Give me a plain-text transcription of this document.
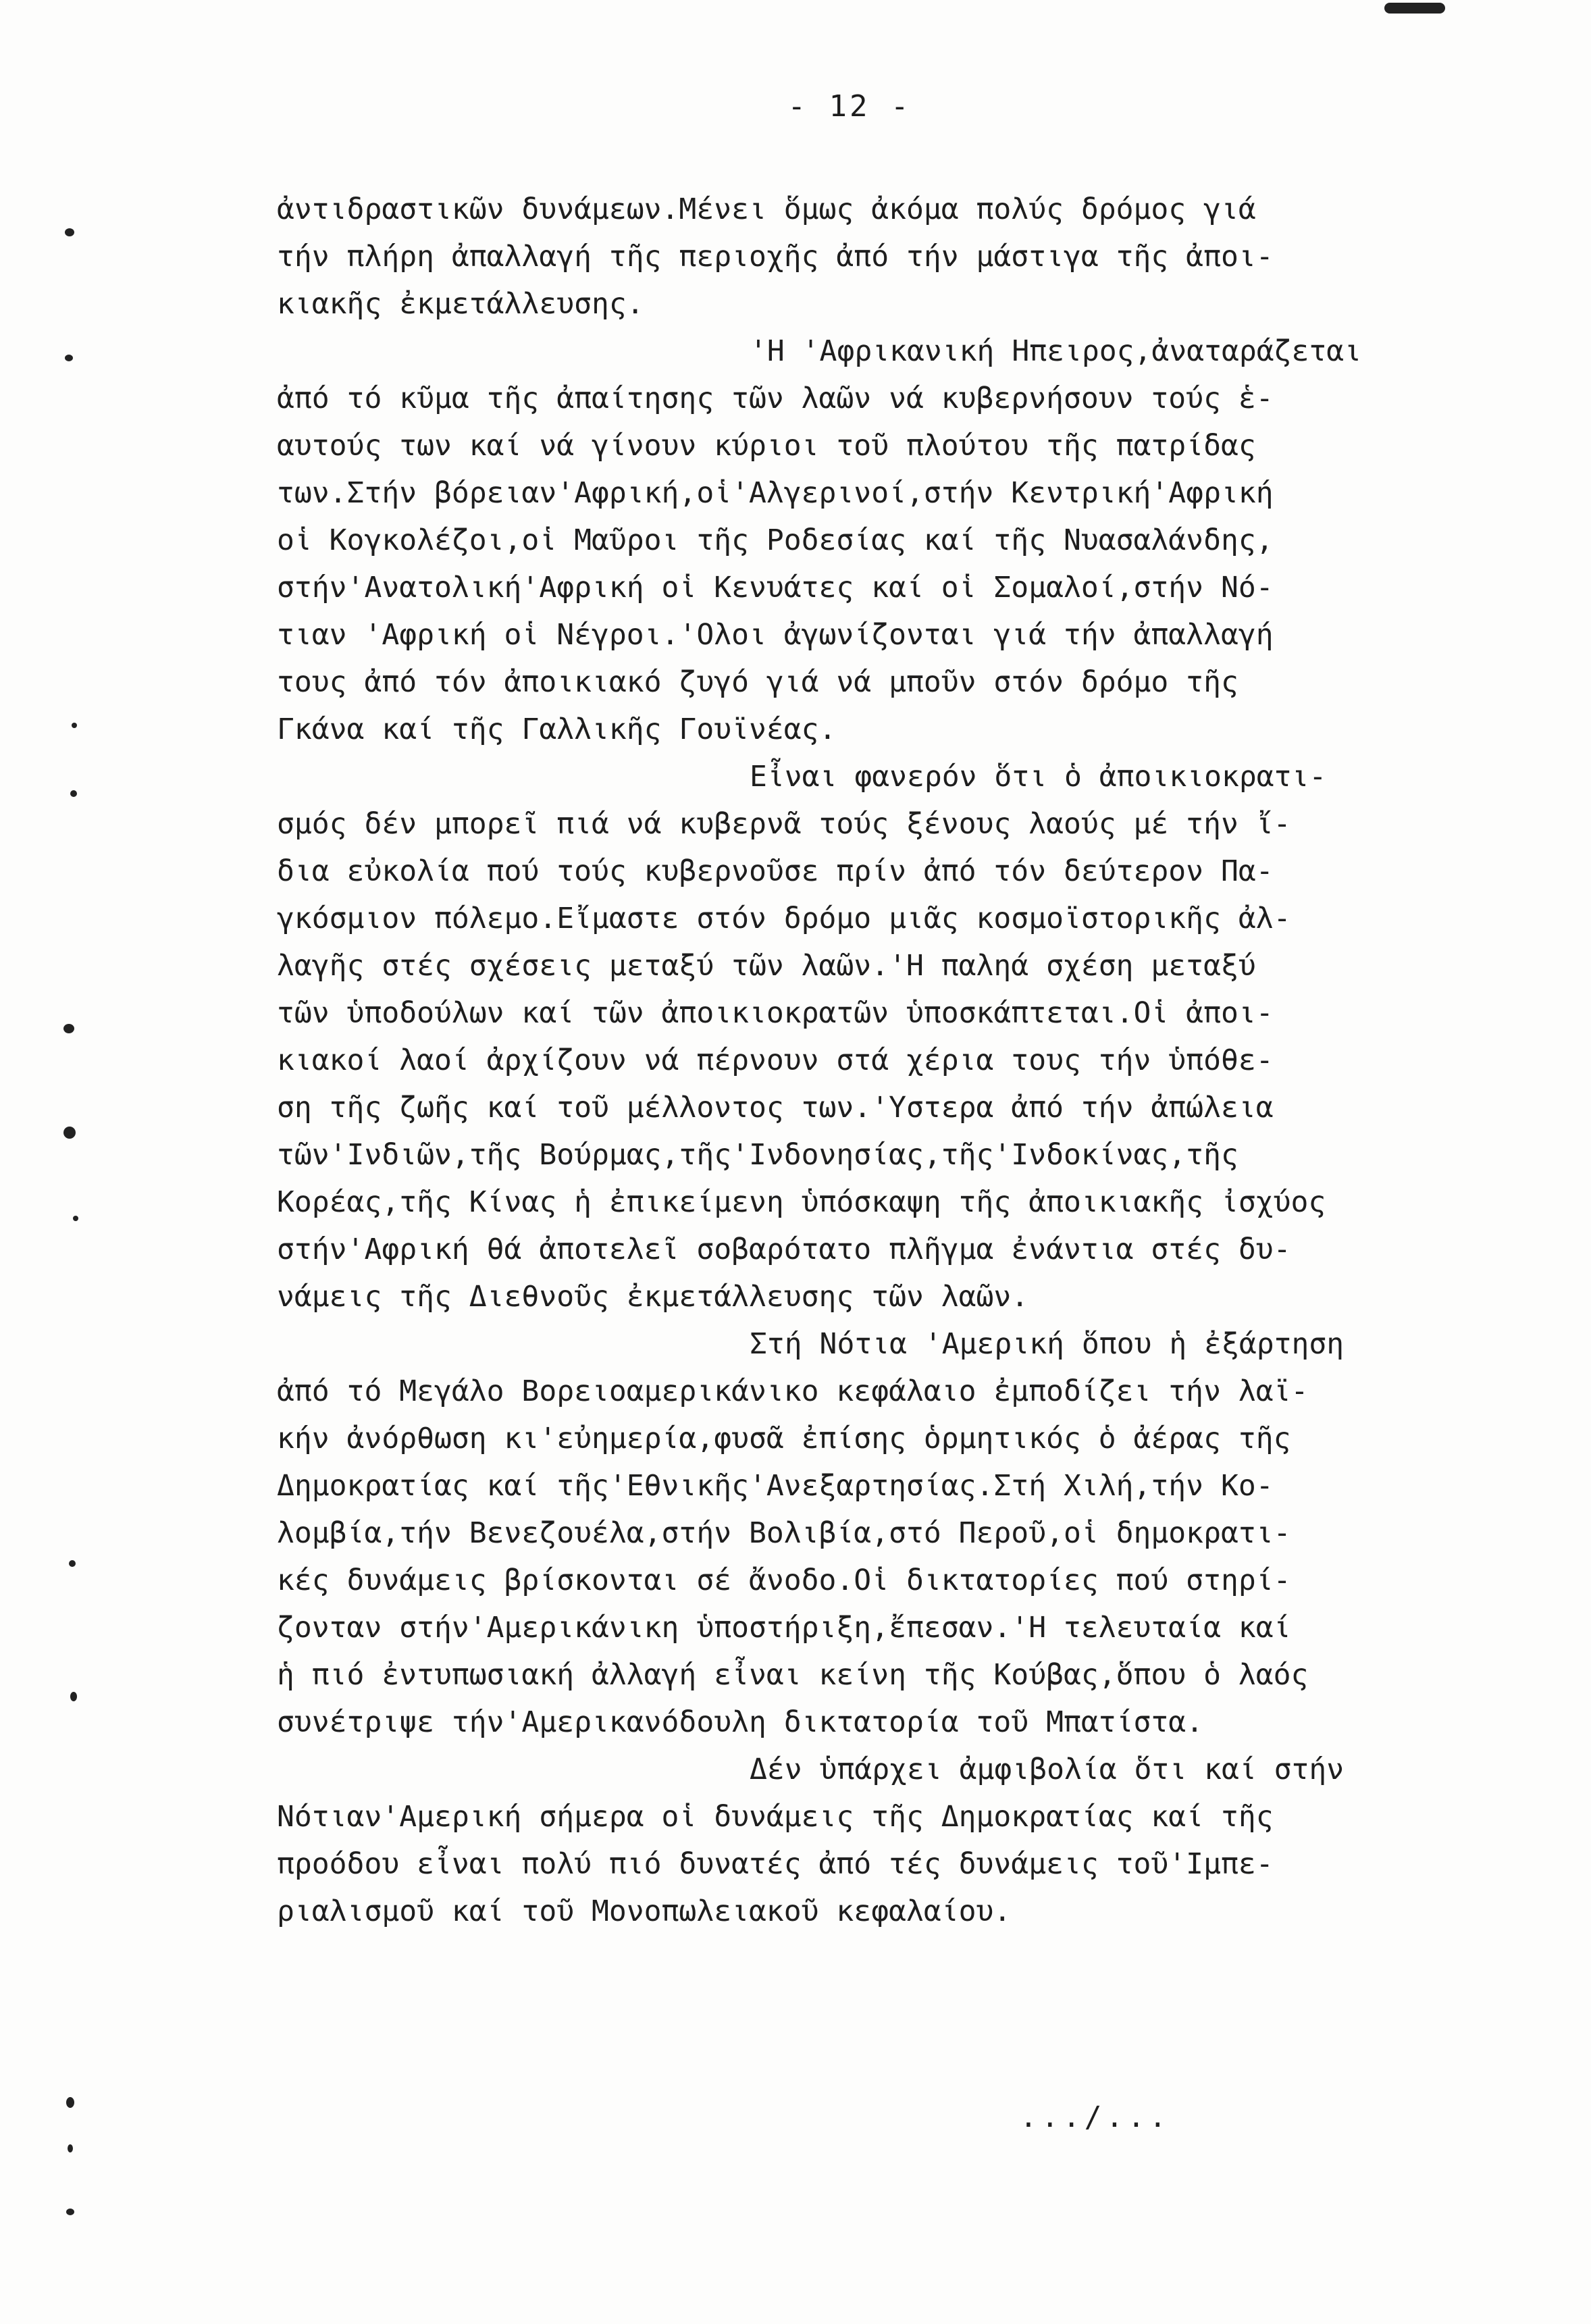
- 12 -
ἀντιδραστικῶν δυνάμεων.Μένει ὅμως ἀκόμα πολύς δρόμος γιά
τήν πλήρη ἀπαλλαγή τῆς περιοχῆς ἀπό τήν μάστιγα τῆς ἀποι-
κιακῆς ἐκμετάλλευσης.
'Η 'Αφρικανική Ηπειρος,ἀναταράζεται
ἀπό τό κῦμα τῆς ἀπαίτησης τῶν λαῶν νά κυβερνήσουν τούς ἑ-
αυτούς των καί νά γίνουν κύριοι τοῦ πλούτου τῆς πατρίδας
των.Στήν βόρειαν'Αφρική,οἱ'Αλγερινοί,στήν Κεντρική'Αφρική
οἱ Κογκολέζοι,οἱ Μαῦροι τῆς Ροδεσίας καί τῆς Νυασαλάνδης,
στήν'Ανατολική'Αφρική οἱ Κενυάτες καί οἱ Σομαλοί,στήν Νό-
τιαν 'Αφρική οἱ Νέγροι.'Ολοι ἀγωνίζονται γιά τήν ἀπαλλαγή
τους ἀπό τόν ἀποικιακό ζυγό γιά νά μποῦν στόν δρόμο τῆς
Γκάνα καί τῆς Γαλλικῆς Γουϊνέας.
Εἶναι φανερόν ὅτι ὁ ἀποικιοκρατι-
σμός δέν μπορεῖ πιά νά κυβερνᾶ τούς ξένους λαούς μέ τήν ἴ-
δια εὐκολία πού τούς κυβερνοῦσε πρίν ἀπό τόν δεύτερον Πα-
γκόσμιον πόλεμο.Εἴμαστε στόν δρόμο μιᾶς κοσμοϊστορικῆς ἀλ-
λαγῆς στές σχέσεις μεταξύ τῶν λαῶν.'Η παληά σχέση μεταξύ
τῶν ὑποδούλων καί τῶν ἀποικιοκρατῶν ὑποσκάπτεται.Οἱ ἀποι-
κιακοί λαοί ἀρχίζουν νά πέρνουν στά χέρια τους τήν ὑπόθε-
ση τῆς ζωῆς καί τοῦ μέλλοντος των.'Υστερα ἀπό τήν ἀπώλεια
τῶν'Ινδιῶν,τῆς Βούρμας,τῆς'Ινδονησίας,τῆς'Ινδοκίνας,τῆς
Κορέας,τῆς Κίνας ἡ ἐπικείμενη ὑπόσκαψη τῆς ἀποικιακῆς ἰσχύος
στήν'Αφρική θά ἀποτελεῖ σοβαρότατο πλῆγμα ἐνάντια στές δυ-
νάμεις τῆς Διεθνοῦς ἐκμετάλλευσης τῶν λαῶν.
Στή Νότια 'Αμερική ὅπου ἡ ἐξάρτηση
ἀπό τό Μεγάλο Βορειοαμερικάνικο κεφάλαιο ἐμποδίζει τήν λαϊ-
κήν ἀνόρθωση κι'εὐημερία,φυσᾶ ἐπίσης ὁρμητικός ὁ ἀέρας τῆς
Δημοκρατίας καί τῆς'Εθνικῆς'Ανεξαρτησίας.Στή Χιλή,τήν Κο-
λομβία,τήν Βενεζουέλα,στήν Βολιβία,στό Περοῦ,οἱ δημοκρατι-
κές δυνάμεις βρίσκονται σέ ἄνοδο.Οἱ δικτατορίες πού στηρί-
ζονταν στήν'Αμερικάνικη ὑποστήριξη,ἔπεσαν.'Η τελευταία καί
ἡ πιό ἐντυπωσιακή ἀλλαγή εἶναι κείνη τῆς Κούβας,ὅπου ὁ λαός
συνέτριψε τήν'Αμερικανόδουλη δικτατορία τοῦ Μπατίστα.
Δέν ὑπάρχει ἀμφιβολία ὅτι καί στήν
Νότιαν'Αμερική σήμερα οἱ δυνάμεις τῆς Δημοκρατίας καί τῆς
προόδου εἶναι πολύ πιό δυνατές ἀπό τές δυνάμεις τοῦ'Ιμπε-
ριαλισμοῦ καί τοῦ Μονοπωλειακοῦ κεφαλαίου.
.../...
